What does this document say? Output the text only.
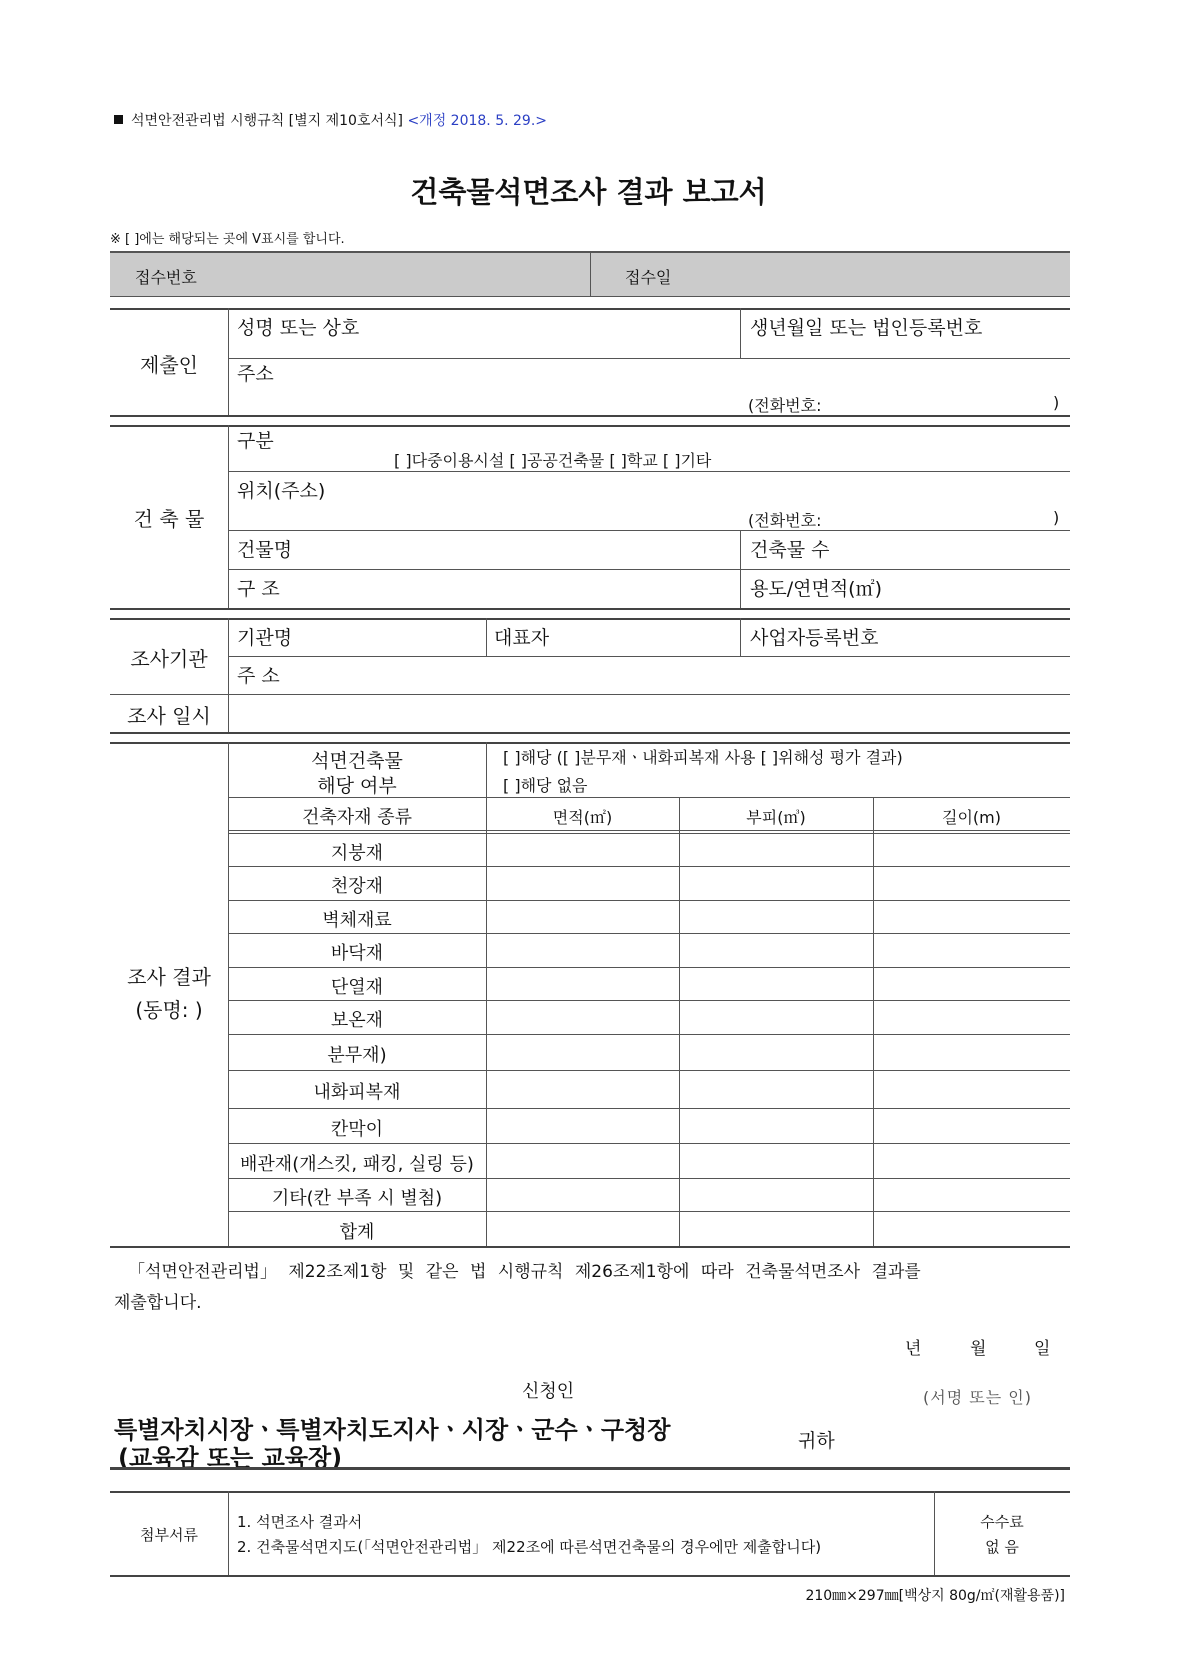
석면안전관리법 시행규칙 [별지 제10호서식] <개정 2018. 5. 29.>
건축물석면조사 결과 보고서
※ [ ]에는 해당되는 곳에 V표시를 합니다.
접수번호	접수일
제출인
성명 또는 상호	생년월일 또는 법인등록번호
주소
(전화번호:	)
건 축 물
구분
[ ]다중이용시설 [ ]공공건축물 [ ]학교 [ ]기타
위치(주소)
(전화번호:	)
건물명	건축물 수
구 조	용도/연면적(㎡)
조사기관
기관명	대표자	사업자등록번호
주 소
조사 일시
조사 결과
(동명: )
석면건축물
해당 여부
[ ]해당 ([ ]분무재ㆍ내화피복재 사용 [ ]위해성 평가 결과)
[ ]해당 없음
건축자재 종류	면적(㎡)	부피(㎥)	길이(m)
지붕재
천장재
벽체재료
바닥재
단열재
보온재
분무재)
내화피복재
칸막이
배관재(개스킷, 패킹, 실링 등)
기타(칸 부족 시 별첨)
합계
「석면안전관리법」 제22조제1항 및 같은 법 시행규칙 제26조제1항에 따라 건축물석면조사 결과를
제출합니다.
년	월	일
신청인	(서명 또는 인)
특별자치시장ㆍ특별자치도지사ㆍ시장ㆍ군수ㆍ구청장
(교육감 또는 교육장)
귀하
첨부서류
1. 석면조사 결과서
2. 건축물석면지도(「석면안전관리법」 제22조에 따른석면건축물의 경우에만 제출합니다)
수수료
없 음
210㎜×297㎜[백상지 80g/㎡(재활용품)]
